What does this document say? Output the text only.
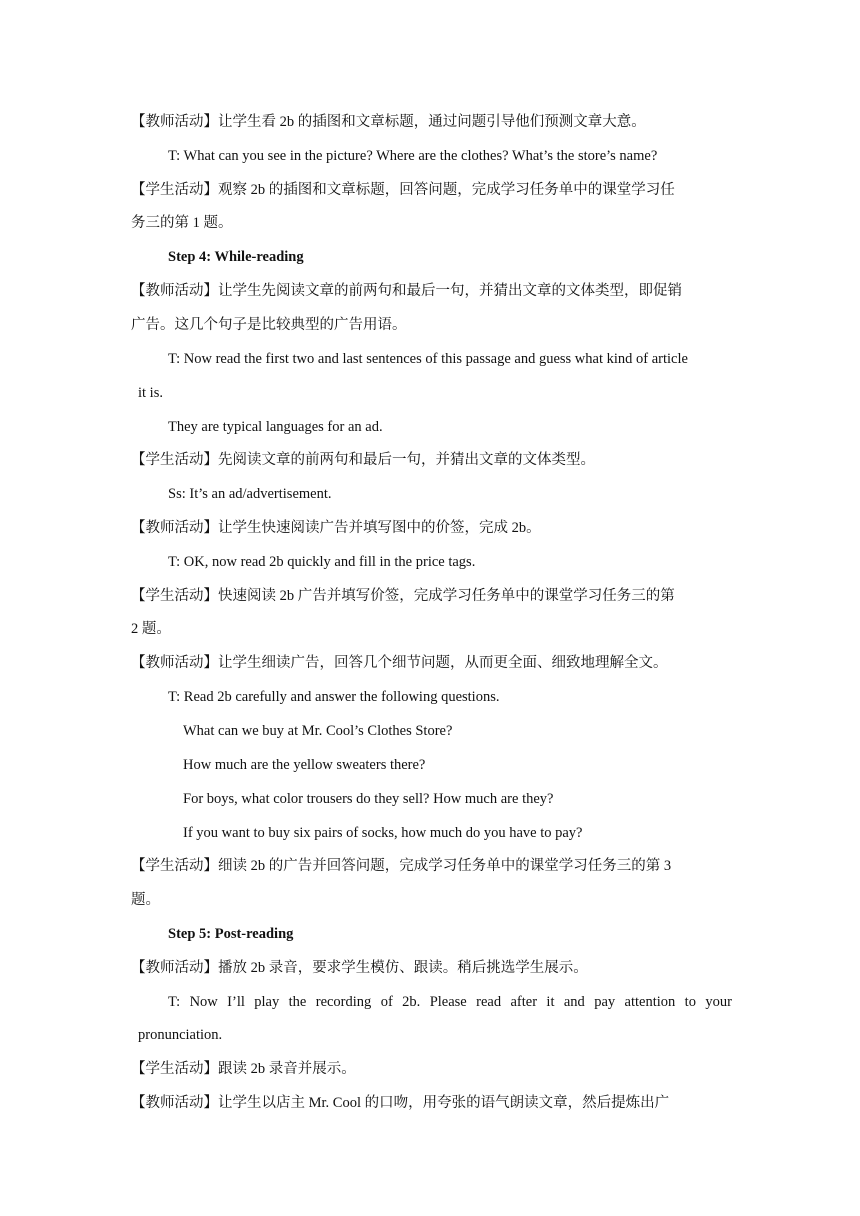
【教师活动】让学生看 2b 的插图和文章标题，通过问题引导他们预测文章大意。
T: What can you see in the picture? Where are the clothes? What’s the store’s name?
【学生活动】观察 2b 的插图和文章标题，回答问题，完成学习任务单中的课堂学习任
务三的第 1 题。
Step 4: While-reading
【教师活动】让学生先阅读文章的前两句和最后一句，并猜出文章的文体类型，即促销
广告。这几个句子是比较典型的广告用语。
T: Now read the first two and last sentences of this passage and guess what kind of article
it is.
They are typical languages for an ad.
【学生活动】先阅读文章的前两句和最后一句，并猜出文章的文体类型。
Ss: It’s an ad/advertisement.
【教师活动】让学生快速阅读广告并填写图中的价签，完成 2b。
T: OK, now read 2b quickly and fill in the price tags.
【学生活动】快速阅读 2b 广告并填写价签，完成学习任务单中的课堂学习任务三的第
2 题。
【教师活动】让学生细读广告，回答几个细节问题，从而更全面、细致地理解全文。
T: Read 2b carefully and answer the following questions.
What can we buy at Mr. Cool’s Clothes Store?
How much are the yellow sweaters there?
For boys, what color trousers do they sell? How much are they?
If you want to buy six pairs of socks, how much do you have to pay?
【学生活动】细读 2b 的广告并回答问题，完成学习任务单中的课堂学习任务三的第 3
题。
Step 5: Post-reading
【教师活动】播放 2b 录音，要求学生模仿、跟读。稍后挑选学生展示。
T: Now I’ll play the recording of 2b. Please read after it and pay attention to your
pronunciation.
【学生活动】跟读 2b 录音并展示。
【教师活动】让学生以店主 Mr. Cool 的口吻，用夸张的语气朗读文章，然后提炼出广
